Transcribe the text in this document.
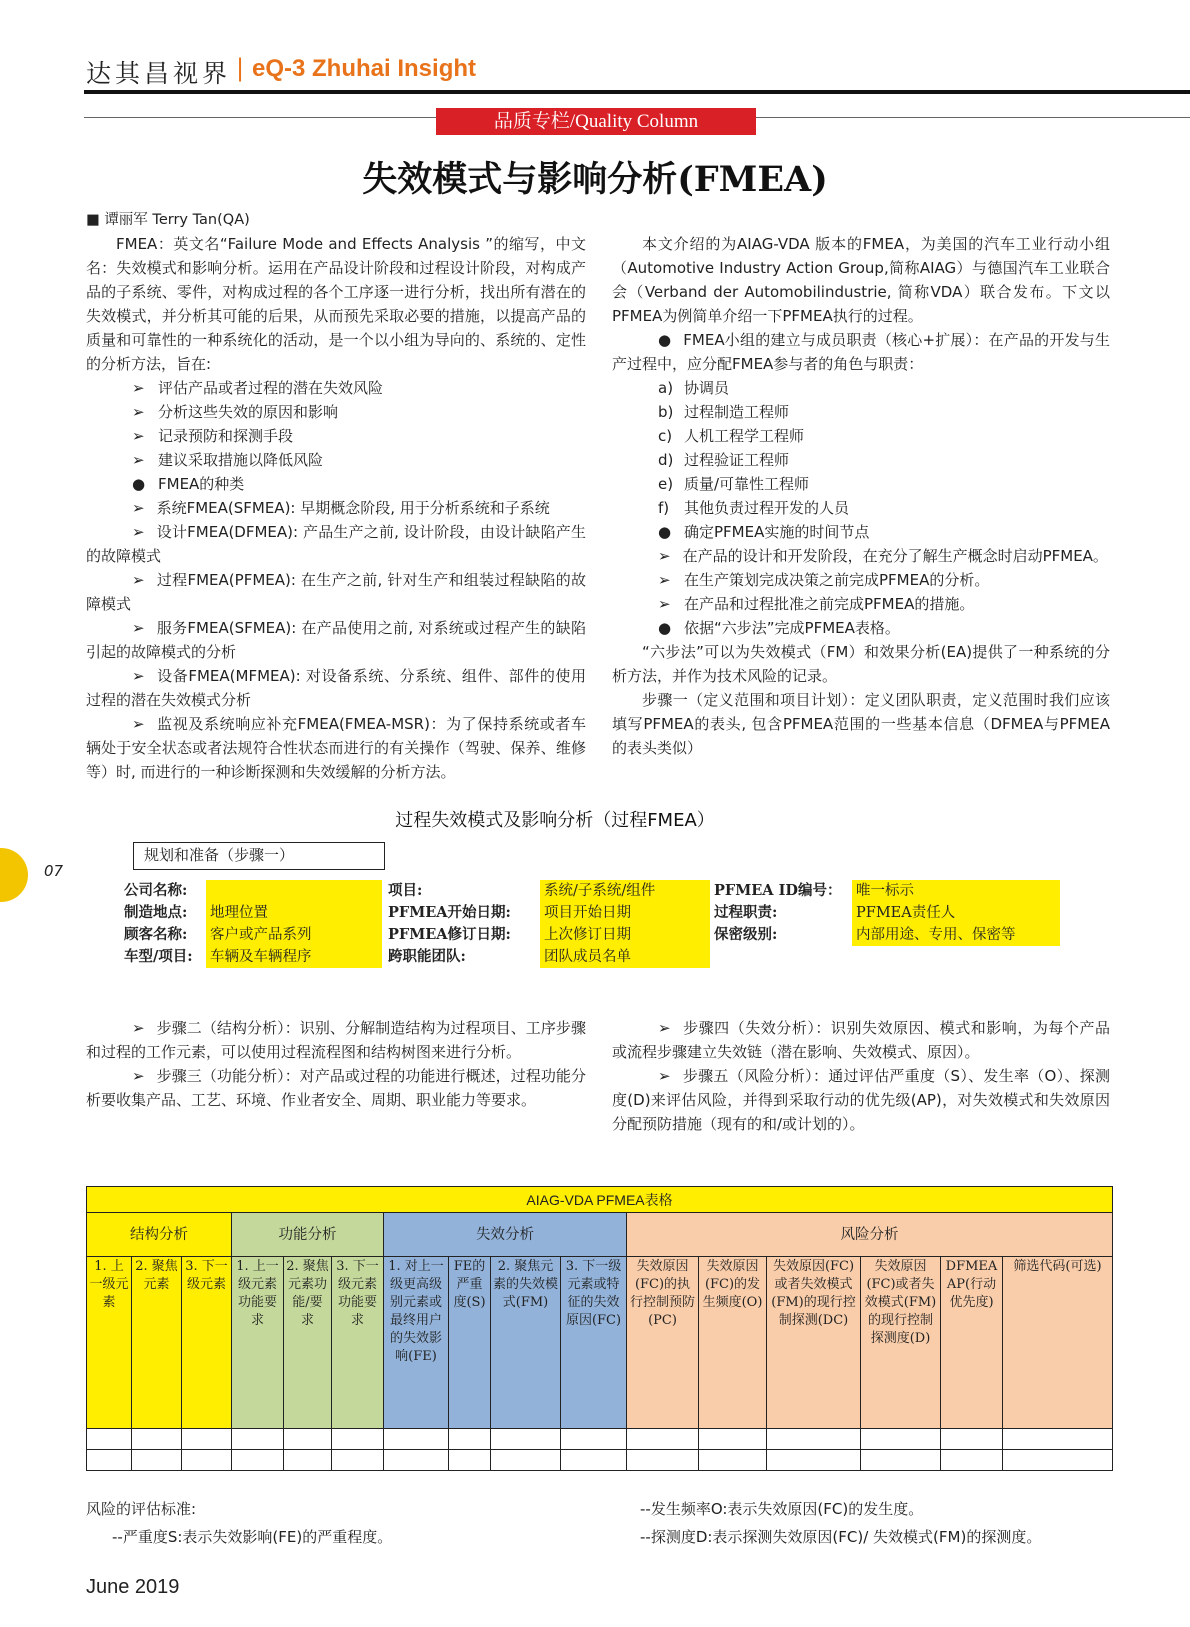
达其昌视界 | eQ-3 Zhuhai Insight
品质专栏/Quality Column
失效模式与影响分析(FMEA)

■ 谭丽军 Terry Tan(QA)

FMEA：英文名“Failure Mode and Effects Analysis ”的缩写，中文名：失效模式和影响分析。运用在产品设计阶段和过程设计阶段，对构成产品的子系统、零件，对构成过程的各个工序逐一进行分析，找出所有潜在的失效模式，并分析其可能的后果，从而预先采取必要的措施，以提高产品的质量和可靠性的一种系统化的活动，是一个以小组为导向的、系统的、定性的分析方法，旨在:

➢ 评估产品或者过程的潜在失效风险

➢ 分析这些失效的原因和影响

➢ 记录预防和探测手段

➢ 建议采取措施以降低风险

● FMEA的种类

➢ 系统FMEA(SFMEA): 早期概念阶段, 用于分析系统和子系统

➢ 设计FMEA(DFMEA): 产品生产之前, 设计阶段，由设计缺陷产生的故障模式

➢ 过程FMEA(PFMEA): 在生产之前, 针对生产和组装过程缺陷的故障模式

➢ 服务FMEA(SFMEA): 在产品使用之前, 对系统或过程产生的缺陷引起的故障模式的分析

➢ 设备FMEA(MFMEA): 对设备系统、分系统、组件、部件的使用过程的潜在失效模式分析

➢ 监视及系统响应补充FMEA(FMEA-MSR)：为了保持系统或者车辆处于安全状态或者法规符合性状态而进行的有关操作（驾驶、保养、维修等）时, 而进行的一种诊断探测和失效缓解的分析方法。

本文介绍的为AIAG-VDA 版本的FMEA，为美国的汽车工业行动小组（Automotive Industry Action Group,简称AIAG）与德国汽车工业联合会（Verband der Automobilindustrie, 简称VDA）联合发布。下文以PFMEA为例简单介绍一下PFMEA执行的过程。

● FMEA小组的建立与成员职责（核心+扩展）：在产品的开发与生产过程中，应分配FMEA参与者的角色与职责：

a) 协调员

b) 过程制造工程师

c) 人机工程学工程师

d) 过程验证工程师

e) 质量/可靠性工程师

f) 其他负责过程开发的人员

● 确定PFMEA实施的时间节点

➢ 在产品的设计和开发阶段，在充分了解生产概念时启动PFMEA。

➢ 在生产策划完成决策之前完成PFMEA的分析。

➢ 在产品和过程批准之前完成PFMEA的措施。

● 依据“六步法”完成PFMEA表格。

“六步法”可以为失效模式（FM）和效果分析(EA)提供了一种系统的分析方法，并作为技术风险的记录。

步骤一（定义范围和项目计划）：定义团队职责，定义范围时我们应该填写PFMEA的表头, 包含PFMEA范围的一些基本信息（DFMEA与PFMEA的表头类似）

07
过程失效模式及影响分析（过程FMEA）
规划和准备（步骤一）
公司名称:
制造地点: 地理位置
顾客名称: 客户或产品系列
车型/项目: 车辆及车辆程序
项目:	系统/子系统/组件
PFMEA开始日期: 项目开始日期
PFMEA修订日期: 上次修订日期
跨职能团队:	团队成员名单
PFMEA ID编号： 唯一标示
过程职责:	PFMEA责任人
保密级别:	内部用途、专用、保密等

➢ 步骤二（结构分析）：识别、分解制造结构为过程项目、工序步骤和过程的工作元素，可以使用过程流程图和结构树图来进行分析。

➢ 步骤三（功能分析）：对产品或过程的功能进行概述，过程功能分析要收集产品、工艺、环境、作业者安全、周期、职业能力等要求。

➢ 步骤四（失效分析）：识别失效原因、模式和影响，为每个产品或流程步骤建立失效链（潜在影响、失效模式、原因）。

➢ 步骤五（风险分析）：通过评估严重度（S）、发生率（O）、探测度(D)来评估风险，并得到采取行动的优先级(AP)，对失效模式和失效原因分配预防措施（现有的和/或计划的）。

AIAG-VDA PFMEA表格															
结构分析			功能分析			失效分析				风险分析					
1. 上一级元素	2. 聚焦元素	3. 下一级元素	1. 上一级元素功能要求	2. 聚焦元素功能/要求	3. 下一级元素功能要求	1. 对上一级更高级别元素或最终用户的失效影响(FE)	FE的严重度(S)	2. 聚焦元素的失效模式(FM)	3. 下一级元素或特征的失效原因(FC)	失效原因(FC)的执行控制预防(PC)	失效原因(FC)的发生频度(O)	失效原因(FC)或者失效模式(FM)的现行控制探测(DC)	失效原因(FC)或者失效模式(FM)的现行控制探测度(D)	DFMEA AP(行动优先度)	筛选代码(可选)

风险的评估标准:
--严重度S:表示失效影响(FE)的严重程度。
--发生频率O:表示失效原因(FC)的发生度。
--探测度D:表示探测失效原因(FC)/ 失效模式(FM)的探测度。
June 2019
